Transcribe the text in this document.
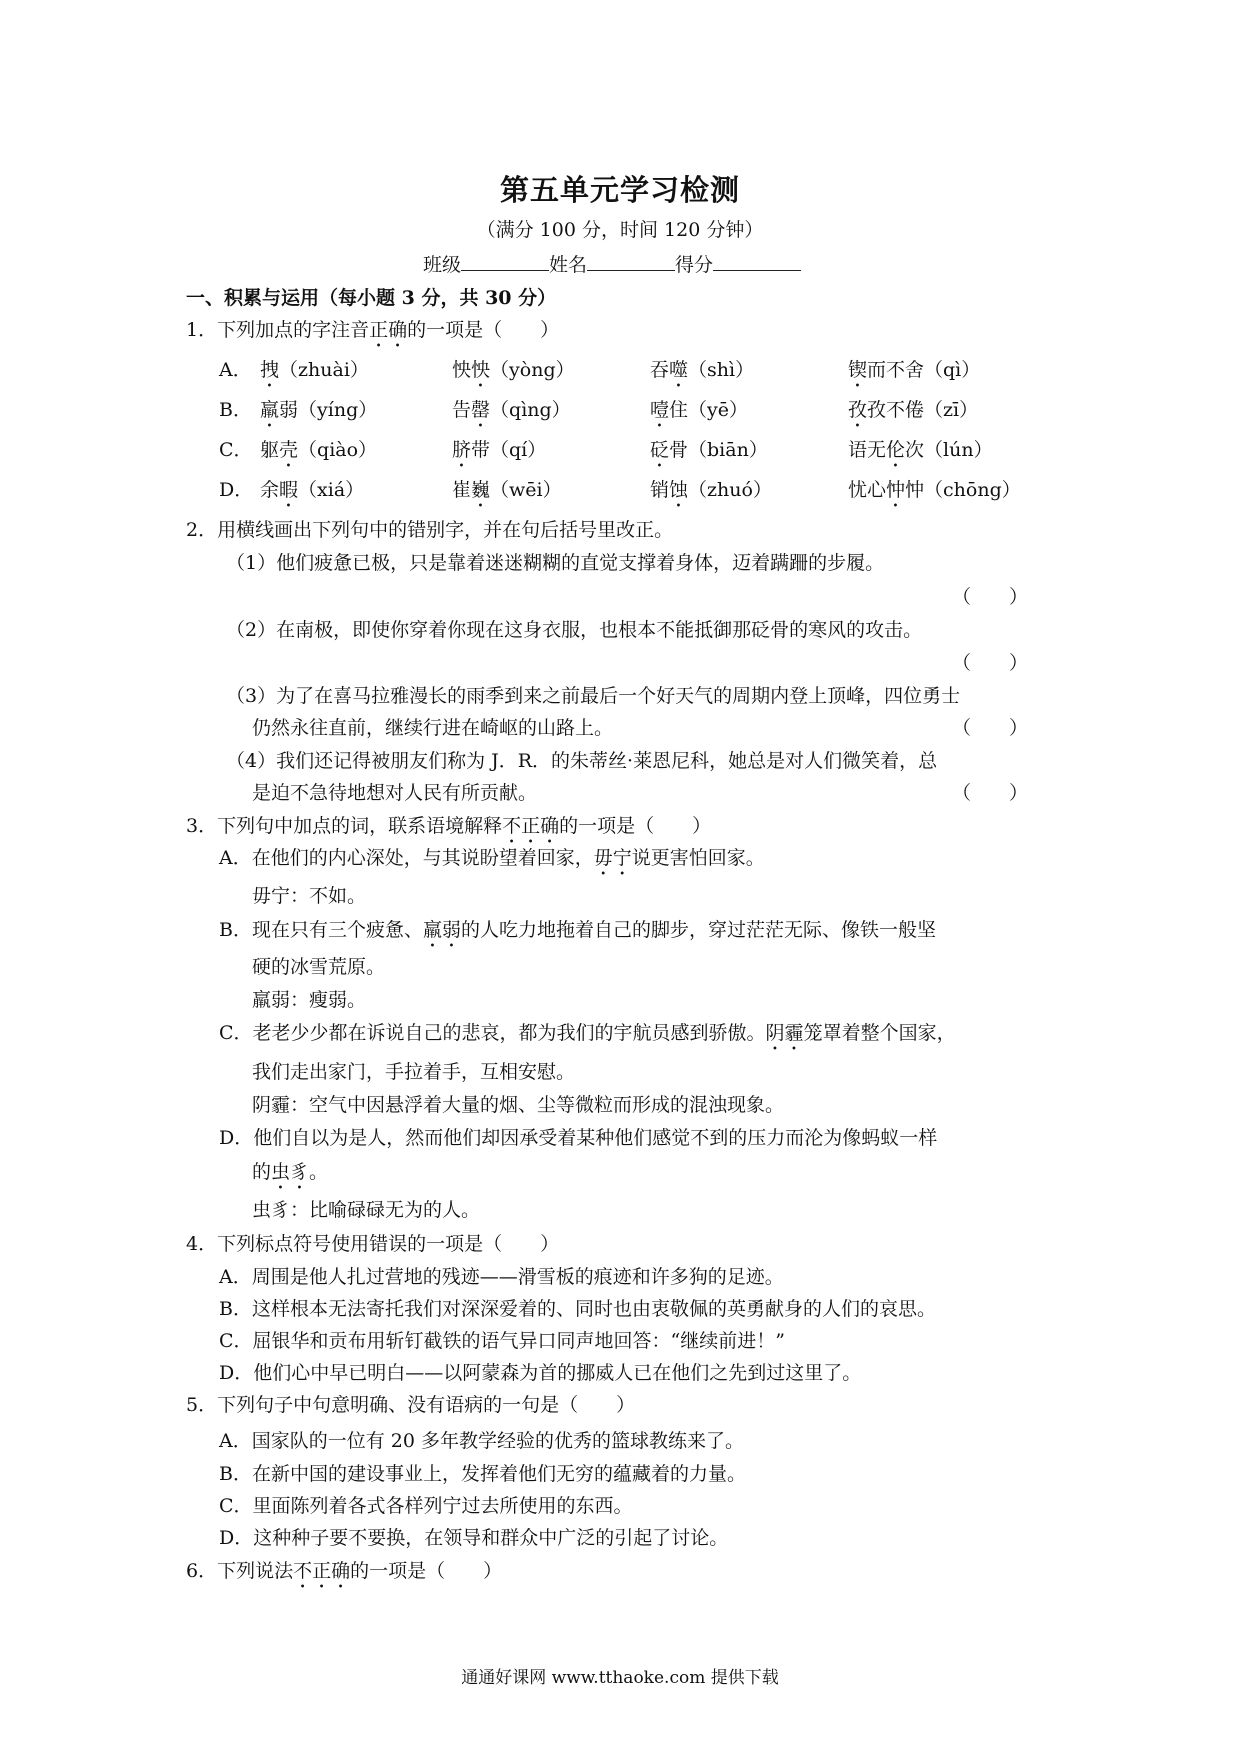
第五单元学习检测
（满分 100 分，时间 120 分钟）
班级	姓名	得分
一、积累与运用（每小题 3 分，共 30 分）
1．下列加点的字注音正确的一项是（　　）
A． 拽（zhuài）	怏怏（yòng）	吞噬（shì）	锲而不舍（qì）
B． 羸弱（yíng）	告罄（qìng）	噎住（yē）	孜孜不倦（zī）
C． 躯壳（qiào）	脐带（qí）	砭骨（biān）	语无伦次（lún）
D． 余暇（xiá）	崔巍（wēi）	销蚀（zhuó）	忧心忡忡（chōng）
2．用横线画出下列句中的错别字，并在句后括号里改正。
（1）他们疲惫已极，只是靠着迷迷糊糊的直觉支撑着身体，迈着蹒跚的步履。
（　　）
（2）在南极，即使你穿着你现在这身衣服，也根本不能抵御那砭骨的寒风的攻击。
（　　）
（3）为了在喜马拉雅漫长的雨季到来之前最后一个好天气的周期内登上顶峰，四位勇士
仍然永往直前，继续行进在崎岖的山路上。	（　　）
（4）我们还记得被朋友们称为 J．R．的朱蒂丝·莱恩尼科，她总是对人们微笑着，总
是迫不急待地想对人民有所贡献。	（　　）
3．下列句中加点的词，联系语境解释不正确的一项是（　　）
A．在他们的内心深处，与其说盼望着回家，毋宁说更害怕回家。
毋宁：不如。
B．现在只有三个疲惫、羸弱的人吃力地拖着自己的脚步，穿过茫茫无际、像铁一般坚
硬的冰雪荒原。
羸弱：瘦弱。
C．老老少少都在诉说自己的悲哀，都为我们的宇航员感到骄傲。阴霾笼罩着整个国家，
我们走出家门，手拉着手，互相安慰。
阴霾：空气中因悬浮着大量的烟、尘等微粒而形成的混浊现象。
D．他们自以为是人，然而他们却因承受着某种他们感觉不到的压力而沦为像蚂蚁一样
的虫豸。
虫豸：比喻碌碌无为的人。
4．下列标点符号使用错误的一项是（　　）
A．周围是他人扎过营地的残迹——滑雪板的痕迹和许多狗的足迹。
B．这样根本无法寄托我们对深深爱着的、同时也由衷敬佩的英勇献身的人们的哀思。
C．屈银华和贡布用斩钉截铁的语气异口同声地回答：“继续前进！”
D．他们心中早已明白——以阿蒙森为首的挪威人已在他们之先到过这里了。
5．下列句子中句意明确、没有语病的一句是（　　）
A．国家队的一位有 20 多年教学经验的优秀的篮球教练来了。
B．在新中国的建设事业上，发挥着他们无穷的蕴藏着的力量。
C．里面陈列着各式各样列宁过去所使用的东西。
D．这种种子要不要换，在领导和群众中广泛的引起了讨论。
6．下列说法不正确的一项是（　　）
通通好课网 www.tthaoke.com 提供下载
